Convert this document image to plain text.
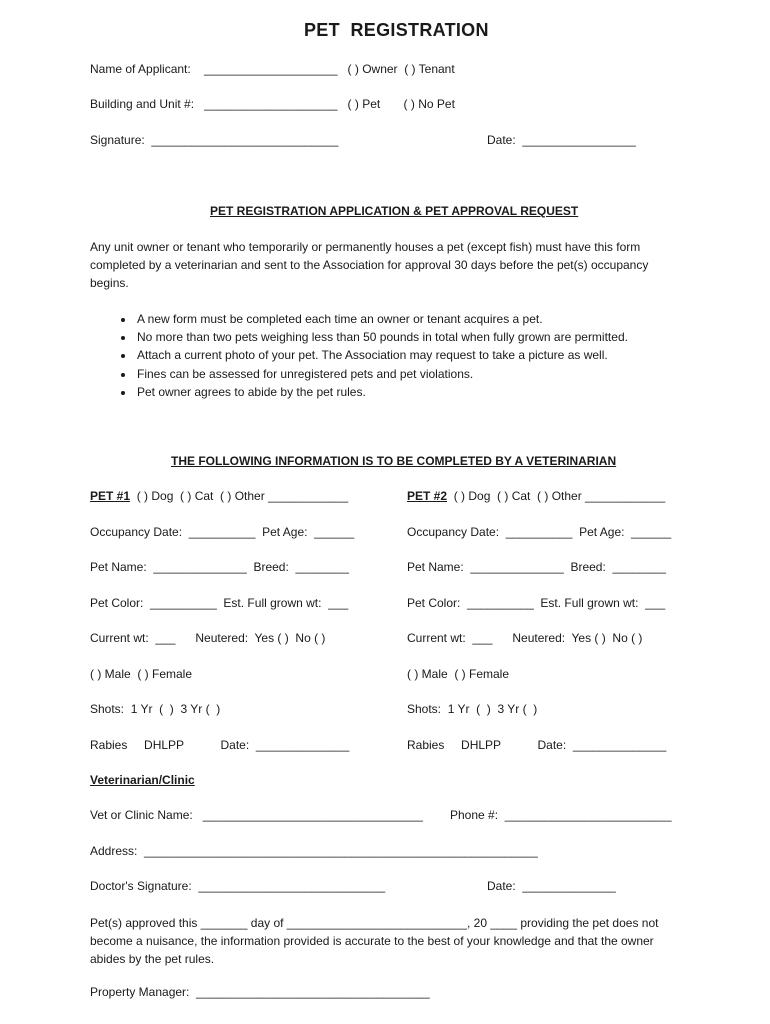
PET  REGISTRATION
Name of Applicant:    ____________________   ( ) Owner  ( ) Tenant
Building and Unit #:   ____________________   ( ) Pet       ( ) No Pet
Signature:  ____________________________	Date:  _________________
PET REGISTRATION APPLICATION & PET APPROVAL REQUEST
Any unit owner or tenant who temporarily or permanently houses a pet (except fish) must have this form completed by a veterinarian and sent to the Association for approval 30 days before the pet(s) occupancy begins.
• A new form must be completed each time an owner or tenant acquires a pet.
• No more than two pets weighing less than 50 pounds in total when fully grown are permitted.
• Attach a current photo of your pet. The Association may request to take a picture as well.
• Fines can be assessed for unregistered pets and pet violations.
• Pet owner agrees to abide by the pet rules.
THE FOLLOWING INFORMATION IS TO BE COMPLETED BY A VETERINARIAN
PET #1  ( ) Dog  ( ) Cat  ( ) Other ____________
Occupancy Date:  __________  Pet Age:  ______
Pet Name:  ______________  Breed:  ________
Pet Color:  __________  Est. Full grown wt:  ___
Current wt:  ___      Neutered:  Yes ( )  No ( )
( ) Male  ( ) Female
Shots:  1 Yr  (  )  3 Yr (  )
Rabies     DHLPP           Date:  ______________
PET #2  ( ) Dog  ( ) Cat  ( ) Other ____________
Occupancy Date:  __________  Pet Age:  ______
Pet Name:  ______________  Breed:  ________
Pet Color:  __________  Est. Full grown wt:  ___
Current wt:  ___      Neutered:  Yes ( )  No ( )
( ) Male  ( ) Female
Shots:  1 Yr  (  )  3 Yr (  )
Rabies     DHLPP           Date:  ______________
Veterinarian/Clinic
Vet or Clinic Name:   _________________________________ Phone #:  _________________________
Address:  ___________________________________________________________
Doctor's Signature:  ____________________________	Date:  ______________
Pet(s) approved this _______ day of ___________________________, 20 ____ providing the pet does not become a nuisance, the information provided is accurate to the best of your knowledge and that the owner abides by the pet rules.
Property Manager:  ___________________________________
